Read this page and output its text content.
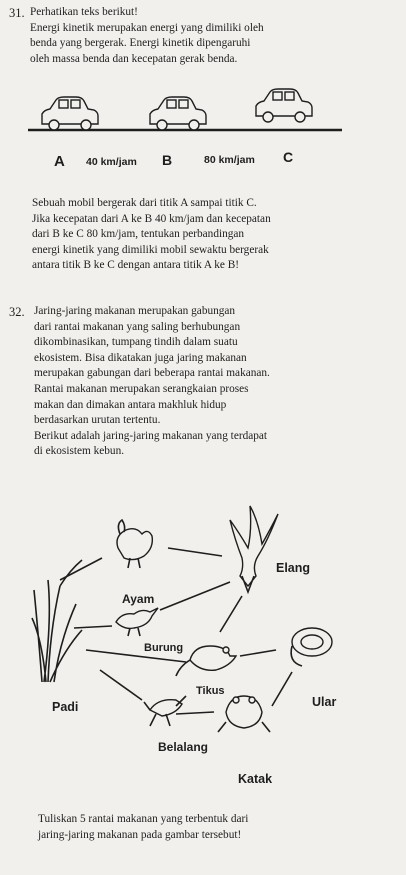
31. Perhatikan teks berikut!
Energi kinetik merupakan energi yang dimiliki oleh
benda yang bergerak. Energi kinetik dipengaruhi
oleh massa benda dan kecepatan gerak benda.
A 40 km/jam B	80 km/jam C
Sebuah mobil bergerak dari titik A sampai titik C.
Jika kecepatan dari A ke B 40 km/jam dan kecepatan
dari B ke C 80 km/jam, tentukan perbandingan
energi kinetik yang dimiliki mobil sewaktu bergerak
antara titik B ke C dengan antara titik A ke B!
32. Jaring-jaring makanan merupakan gabungan
dari rantai makanan yang saling berhubungan
dikombinasikan, tumpang tindih dalam suatu
ekosistem. Bisa dikatakan juga jaring makanan
merupakan gabungan dari beberapa rantai makanan.
Rantai makanan merupakan serangkaian proses
makan dan dimakan antara makhluk hidup
berdasarkan urutan tertentu.
Berikut adalah jaring-jaring makanan yang terdapat
di ekosistem kebun.
Elang
Ayam
Padi
Burung
Tikus
Ular
Belalang
Katak
Tuliskan 5 rantai makanan yang terbentuk dari
jaring-jaring makanan pada gambar tersebut!
